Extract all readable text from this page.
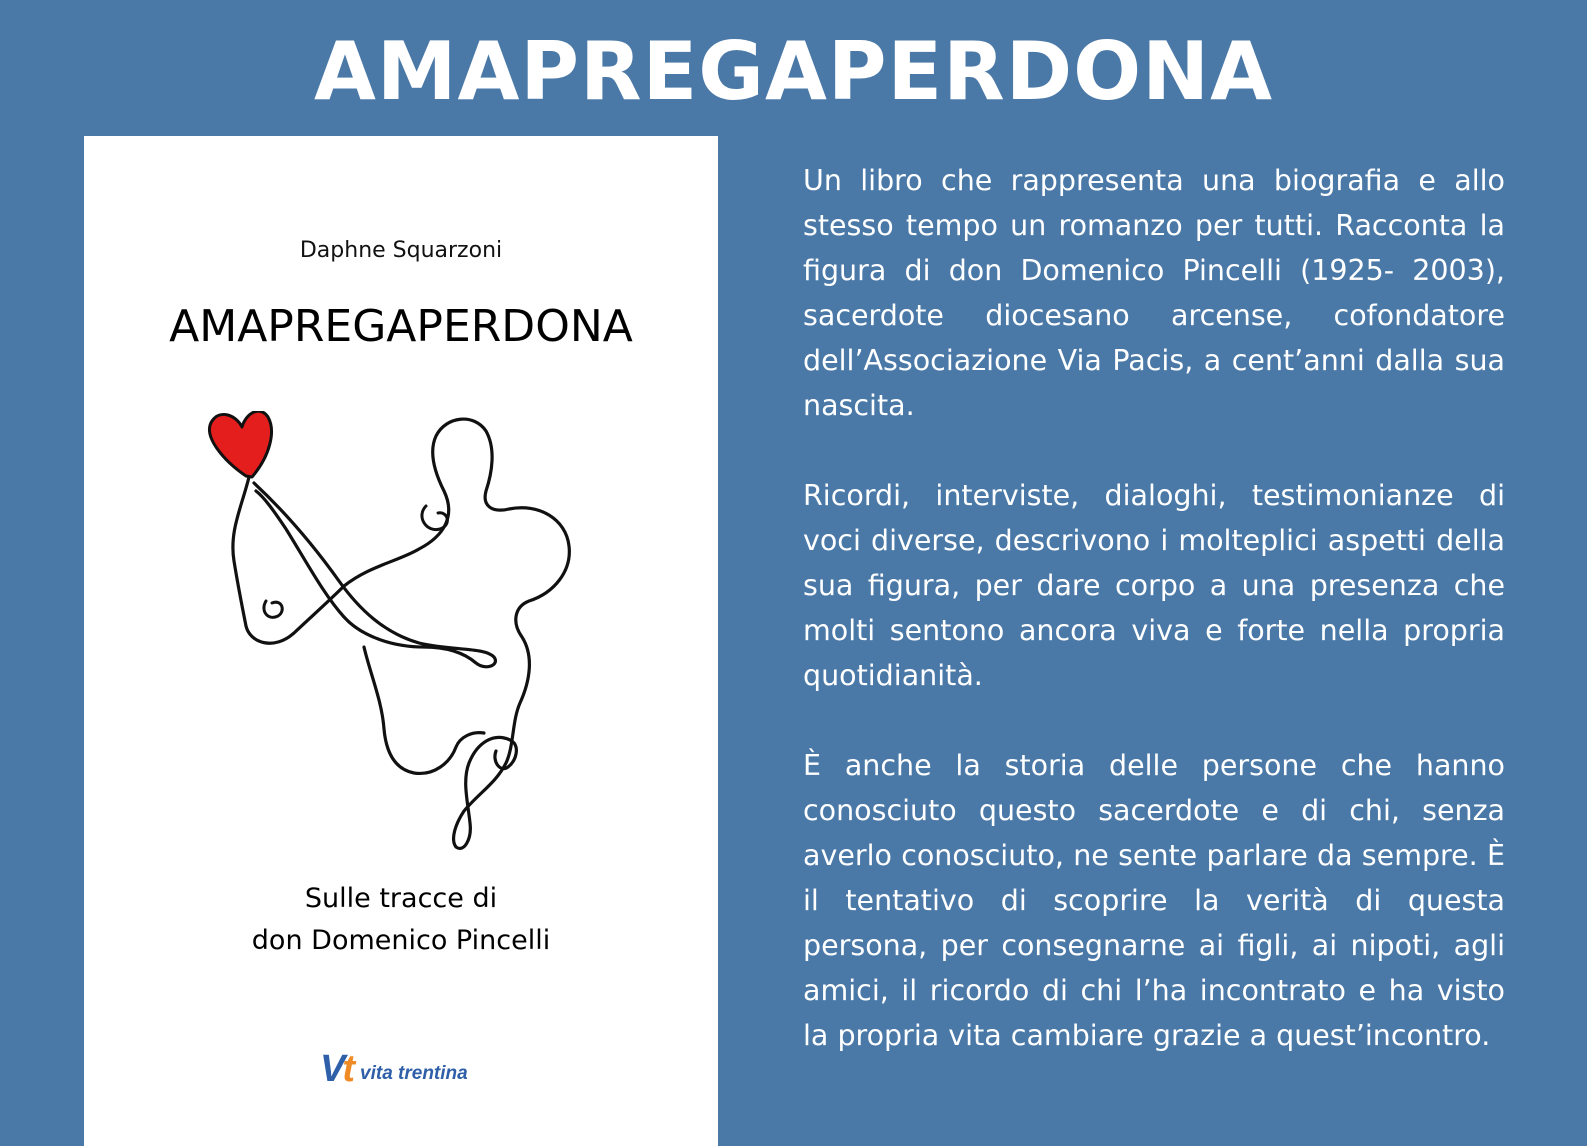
AMAPREGAPERDONA
Daphne Squarzoni
AMAPREGAPERDONA
Sulle tracce di
don Domenico Pincelli
Vt vita trentina

Un libro che rappresenta una biografia e allo stesso tempo un romanzo per tutti. Racconta la figura di don Domenico Pincelli (1925- 2003), sacerdote diocesano arcense, cofondatore dell’Associazione Via Pacis, a cent’anni dalla sua nascita.

Ricordi, interviste, dialoghi, testimonianze di voci diverse, descrivono i molteplici aspetti della sua figura, per dare corpo a una presenza che molti sentono ancora viva e forte nella propria quotidianità.

È anche la storia delle persone che hanno conosciuto questo sacerdote e di chi, senza averlo conosciuto, ne sente parlare da sempre. È il tentativo di scoprire la verità di questa persona, per consegnarne ai figli, ai nipoti, agli amici, il ricordo di chi l’ha incontrato e ha visto la propria vita cambiare grazie a quest’incontro.
